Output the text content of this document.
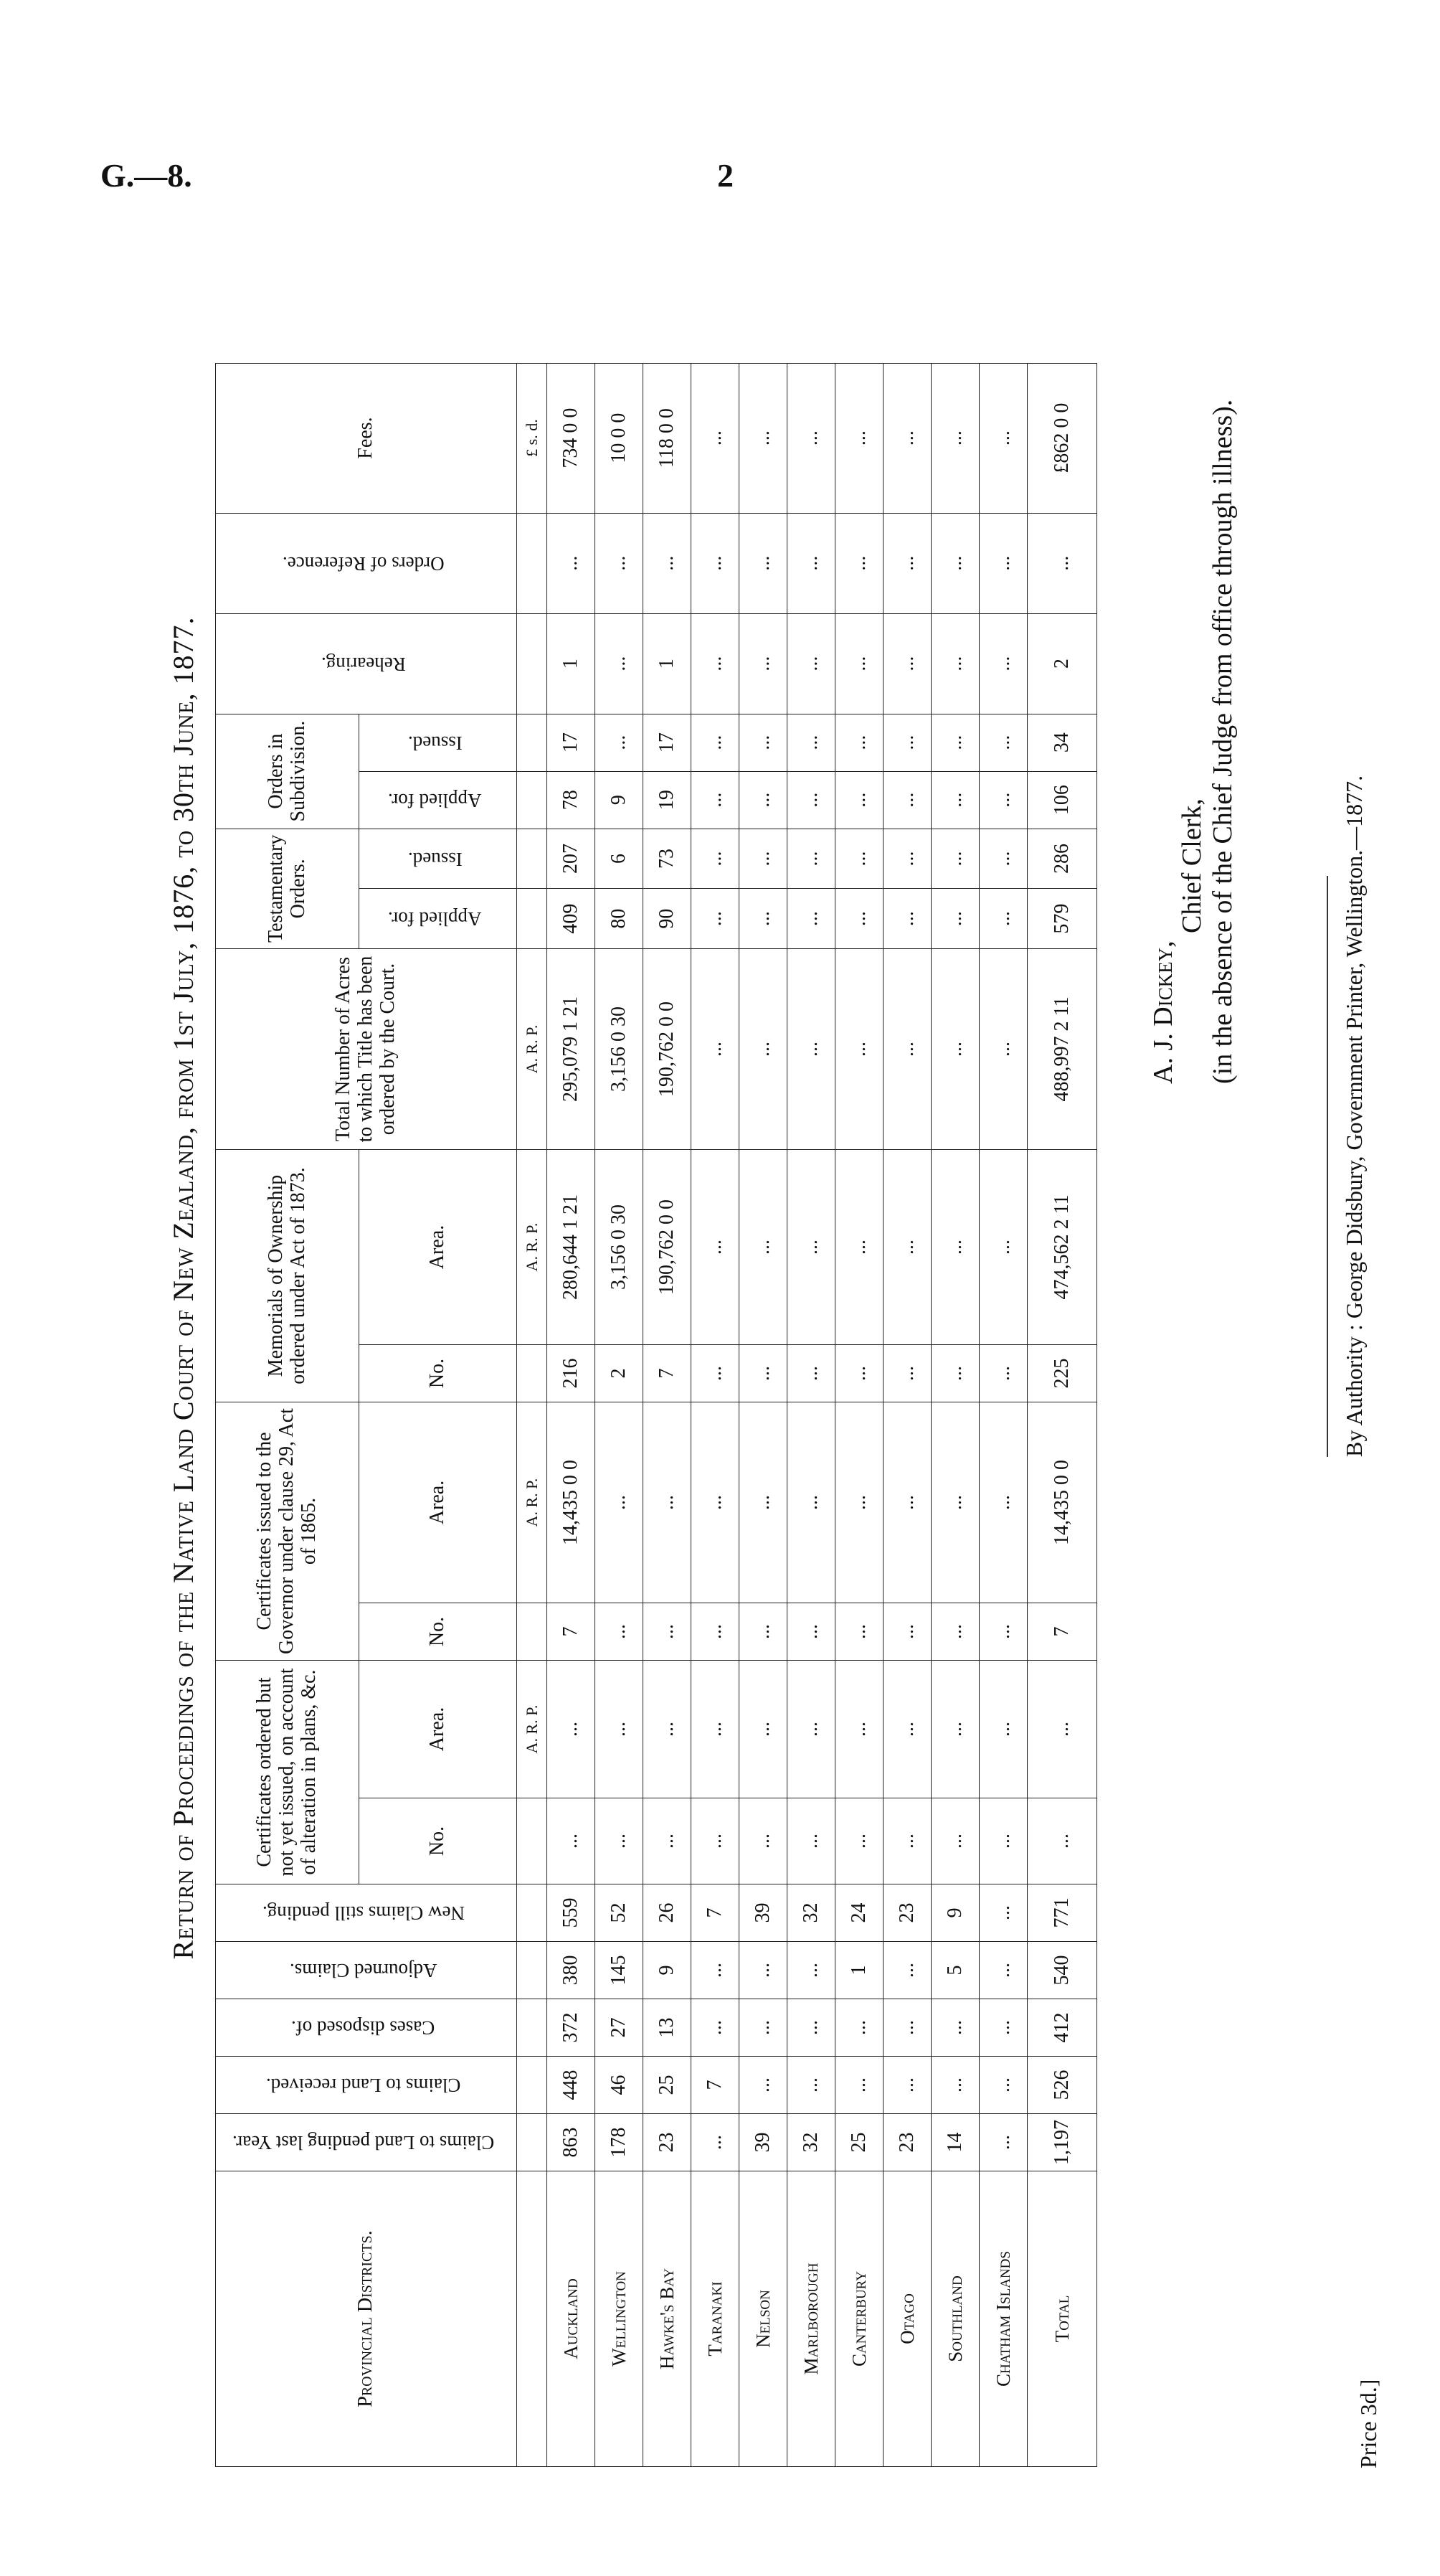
G.—8.	2
Return of Proceedings of the Native Land Court of New Zealand, from 1st July, 1876, to 30th June, 1877.
Provincial Districts.	Claims to Land pending last Year.	Claims to Land received.	Cases disposed of.	Adjourned Claims.	New Claims still pending.	Certificates ordered but not yet issued, on account of alteration in plans, &c.		Certificates issued to the Governor under clause 29, Act of 1865.		Memorials of Ownership ordered under Act of 1873.		Total Number of Acres to which Title has been ordered by the Court.	Testamentary Orders.		Orders in Subdivision.		Rehearing.	Orders of Reference.	Fees.
						No.	Area.	No.	Area.	No.	Area.		Applied for.	Issued.	Applied for.	Issued.			
							A. R. P.		A. R. P.		A. R. P.	A. R. P.							£ s. d.
Auckland	863	448	372	380	559	...	...	7	14,435 0 0	216	280,644 1 21	295,079 1 21	409	207	78	17	1	...	734 0 0
Wellington	178	46	27	145	52	...	...	...	...	2	3,156 0 30	3,156 0 30	80	6	9	...	...	...	10 0 0
Hawke's Bay	23	25	13	9	26	...	...	...	...	7	190,762 0 0	190,762 0 0	90	73	19	17	1	...	118 0 0
Taranaki	...	7	...	...	7	...	...	...	...	...	...	...	...	...	...	...	...	...	...
Nelson	39	...	...	...	39	...	...	...	...	...	...	...	...	...	...	...	...	...	...
Marlborough	32	...	...	...	32	...	...	...	...	...	...	...	...	...	...	...	...	...	...
Canterbury	25	...	...	1	24	...	...	...	...	...	...	...	...	...	...	...	...	...	...
Otago	23	...	...	...	23	...	...	...	...	...	...	...	...	...	...	...	...	...	...
Southland	14	...	...	5	9	...	...	...	...	...	...	...	...	...	...	...	...	...	...
Chatham Islands	...	...	...	...	...	...	...	...	...	...	...	...	...	...	...	...	...	...	...
Total	1,197	526	412	540	771	...	...	7	14,435 0 0	225	474,562 2 11	488,997 2 11	579	286	106	34	2	...	£862 0 0
A. J. Dickey,
Chief Clerk, (in the absence of the Chief Judge from office through illness).
By Authority : George Didsbury, Government Printer, Wellington.—1877.
Price 3d.]
